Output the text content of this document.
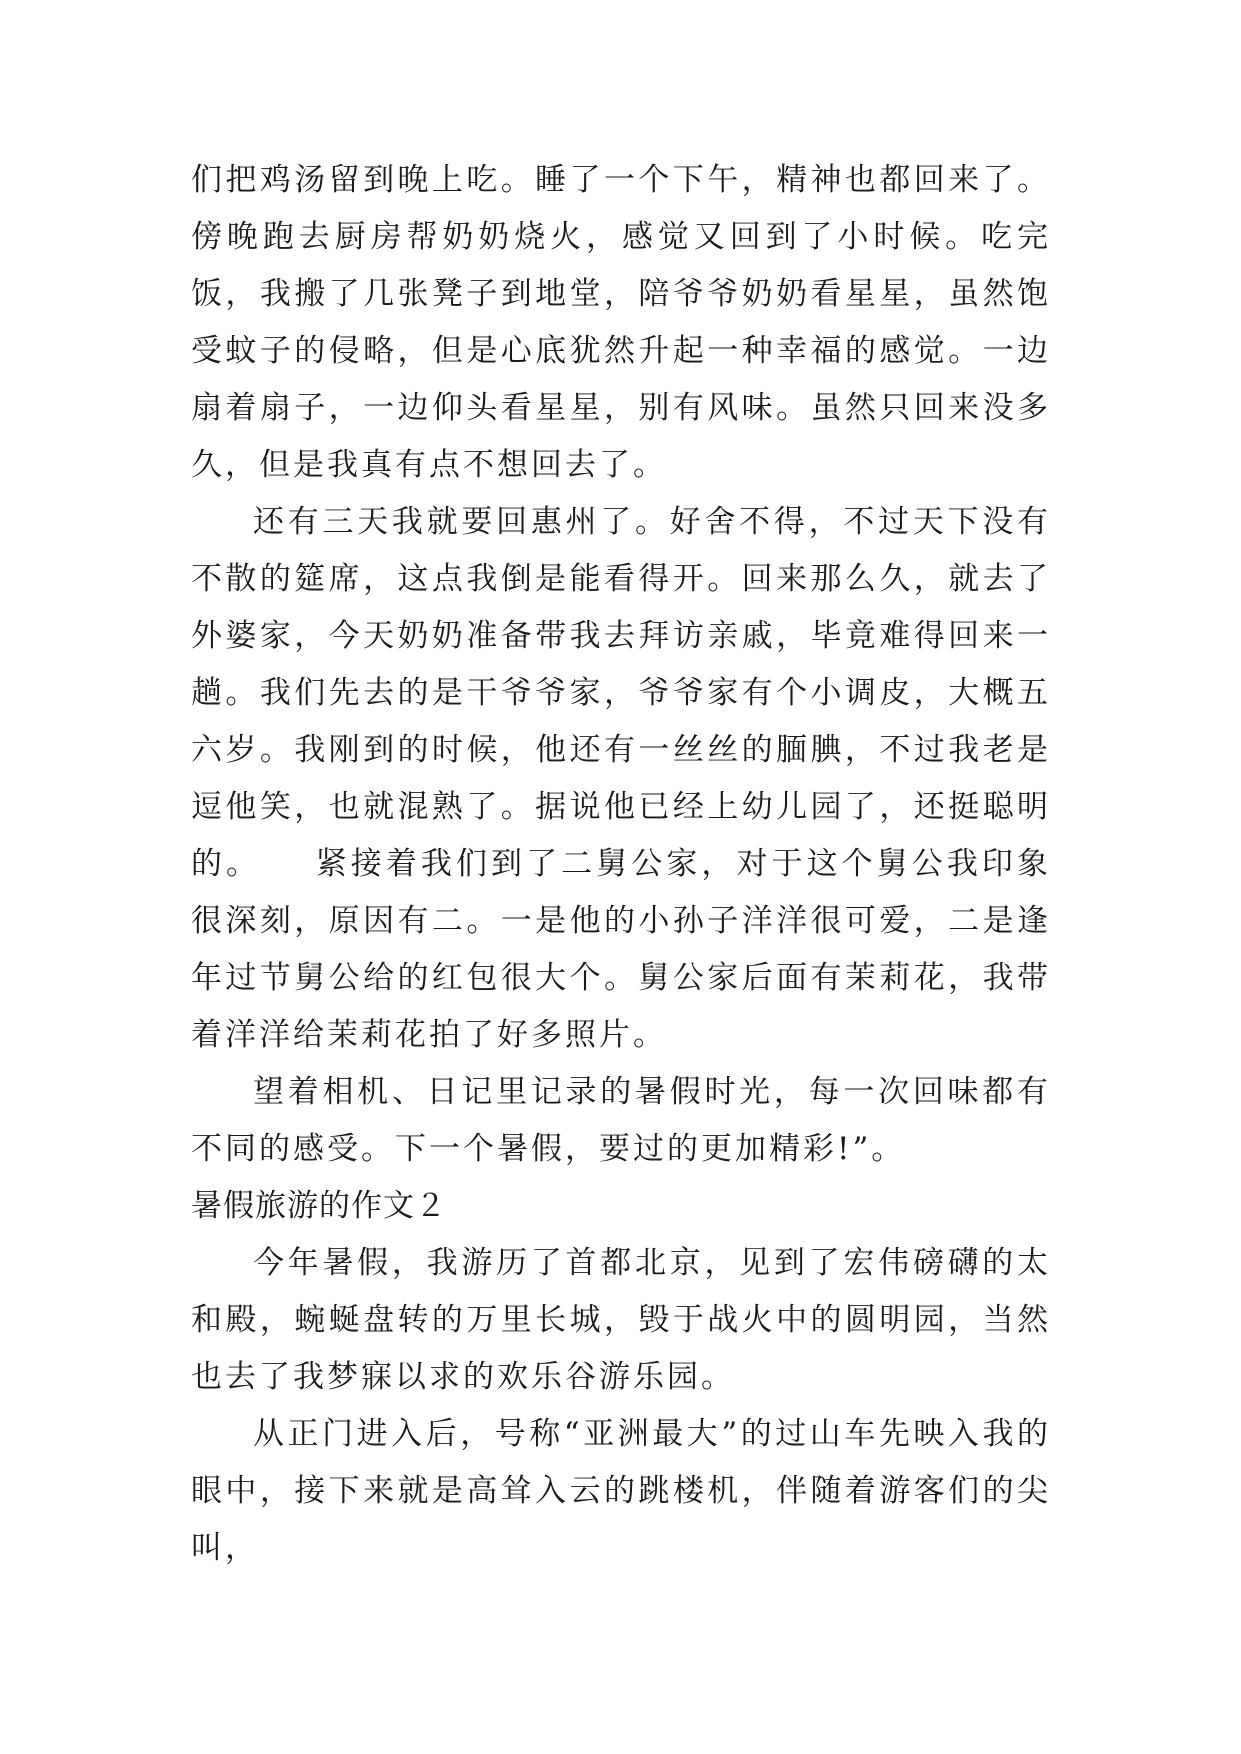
们把鸡汤留到晚上吃。睡了一个下午，精神也都回来了。傍晚跑去厨房帮奶奶烧火，感觉又回到了小时候。吃完饭，我搬了几张凳子到地堂，陪爷爷奶奶看星星，虽然饱受蚊子的侵略，但是心底犹然升起一种幸福的感觉。一边扇着扇子，一边仰头看星星，别有风味。虽然只回来没多久，但是我真有点不想回去了。

还有三天我就要回惠州了。好舍不得，不过天下没有不散的筵席，这点我倒是能看得开。回来那么久，就去了外婆家，今天奶奶准备带我去拜访亲戚，毕竟难得回来一趟。我们先去的是干爷爷家，爷爷家有个小调皮，大概五六岁。我刚到的时候，他还有一丝丝的腼腆，不过我老是逗他笑，也就混熟了。据说他已经上幼儿园了，还挺聪明的。　　紧接着我们到了二舅公家，对于这个舅公我印象很深刻，原因有二。一是他的小孙子洋洋很可爱，二是逢年过节舅公给的红包很大个。舅公家后面有茉莉花，我带着洋洋给茉莉花拍了好多照片。

望着相机、日记里记录的暑假时光，每一次回味都有不同的感受。下一个暑假，要过的更加精彩!”。

暑假旅游的作文２

今年暑假，我游历了首都北京，见到了宏伟磅礴的太和殿，蜿蜒盘转的万里长城，毁于战火中的圆明园，当然也去了我梦寐以求的欢乐谷游乐园。

从正门进入后，号称“亚洲最大”的过山车先映入我的眼中，接下来就是高耸入云的跳楼机，伴随着游客们的尖叫，
